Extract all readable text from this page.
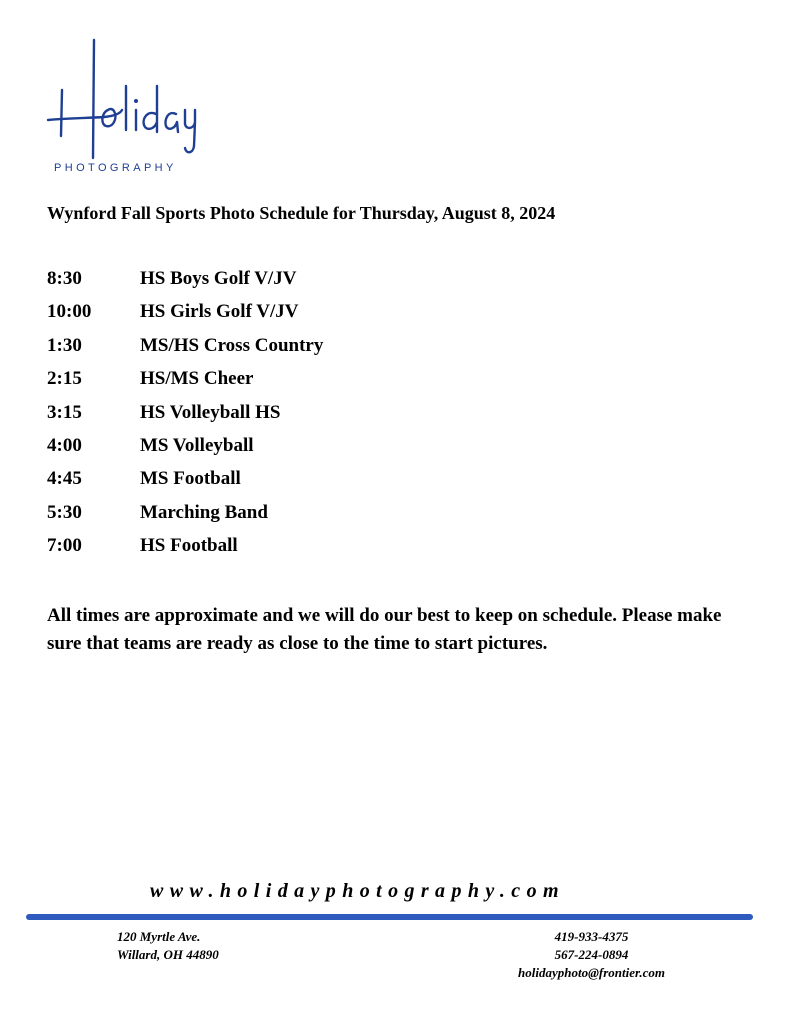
PHOTOGRAPHY
Wynford Fall Sports Photo Schedule for Thursday, August 8, 2024
8:30	HS Boys Golf V/JV
10:00	HS Girls Golf V/JV
1:30	MS/HS Cross Country
2:15	HS/MS Cheer
3:15	HS Volleyball HS
4:00	MS Volleyball
4:45	MS Football
5:30	Marching Band
7:00	HS Football
All times are approximate and we will do our best to keep on schedule. Please make sure that teams are ready as close to the time to start pictures.
www.holidayphotography.com
120 Myrtle Ave.
Willard, OH 44890
419-933-4375
567-224-0894
holidayphoto@frontier.com
